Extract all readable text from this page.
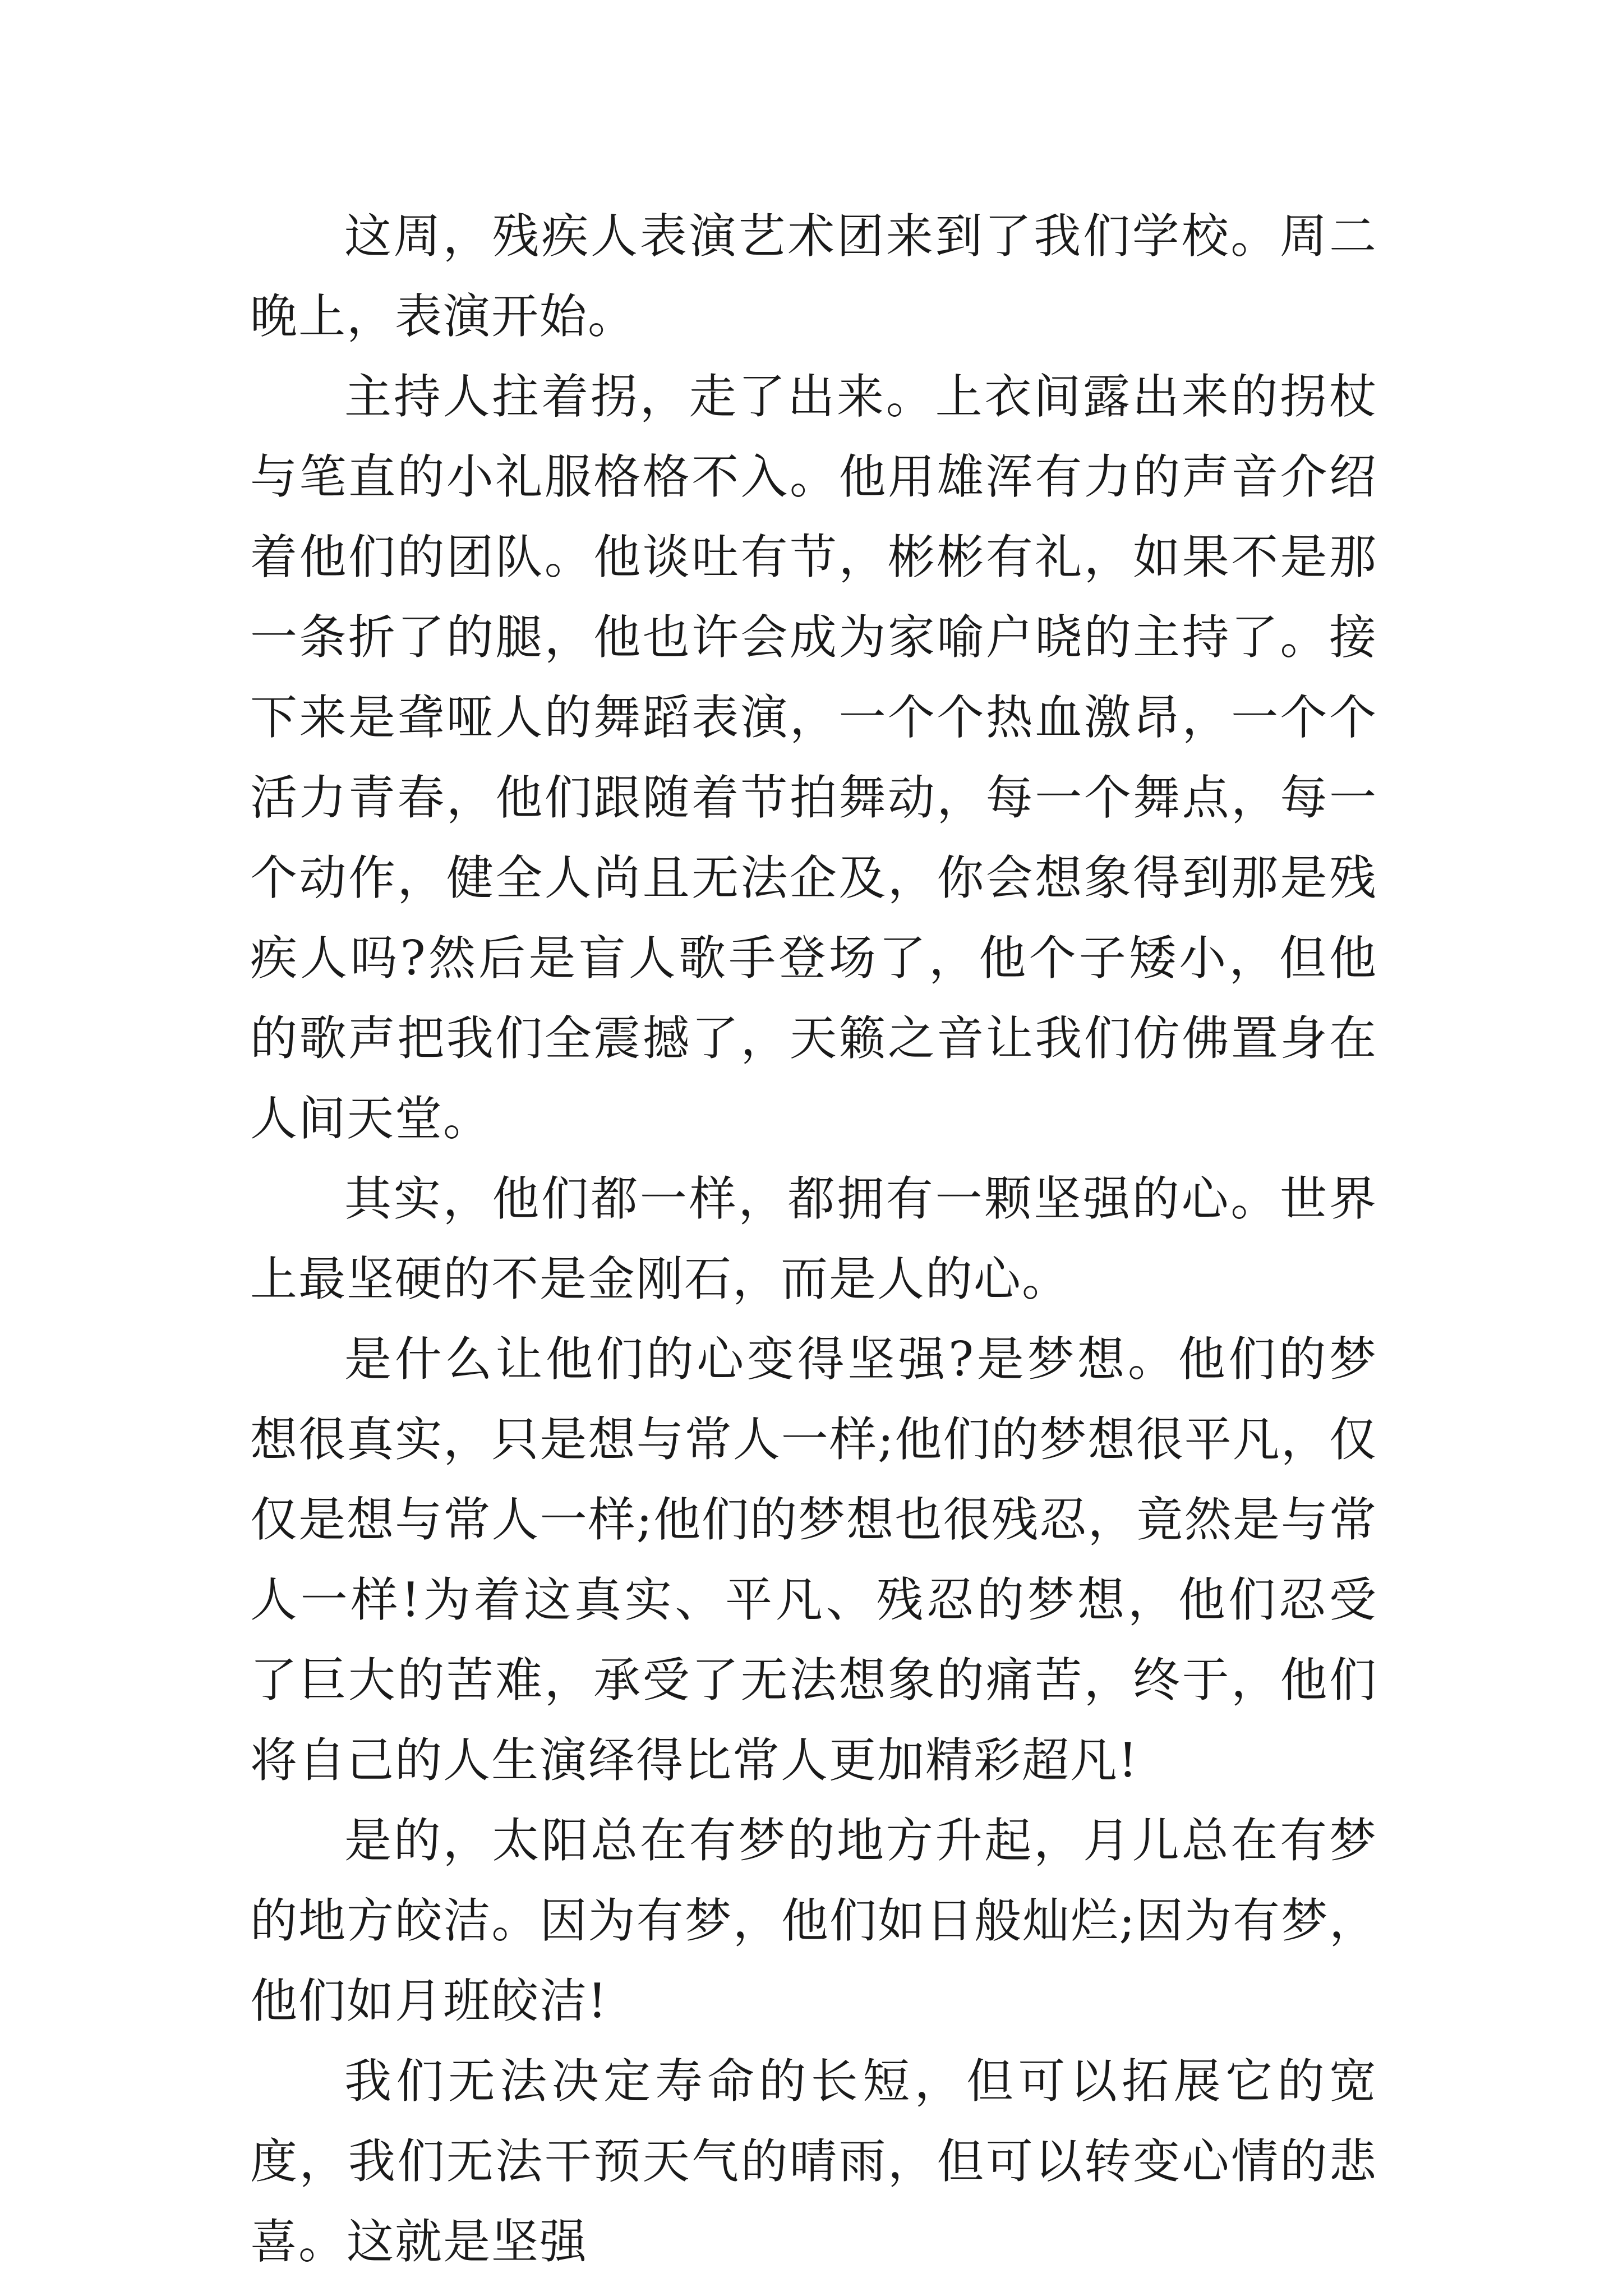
这周，残疾人表演艺术团来到了我们学校。周二晚上，表演开始。

主持人拄着拐，走了出来。上衣间露出来的拐杖与笔直的小礼服格格不入。他用雄浑有力的声音介绍着他们的团队。他谈吐有节，彬彬有礼，如果不是那一条折了的腿，他也许会成为家喻户晓的主持了。接下来是聋哑人的舞蹈表演，一个个热血激昂，一个个活力青春，他们跟随着节拍舞动，每一个舞点，每一个动作，健全人尚且无法企及，你会想象得到那是残疾人吗?然后是盲人歌手登场了，他个子矮小，但他的歌声把我们全震撼了，天籁之音让我们仿佛置身在人间天堂。

其实，他们都一样，都拥有一颗坚强的心。世界上最坚硬的不是金刚石，而是人的心。

是什么让他们的心变得坚强?是梦想。他们的梦想很真实，只是想与常人一样;他们的梦想很平凡，仅仅是想与常人一样;他们的梦想也很残忍，竟然是与常人一样!为着这真实、平凡、残忍的梦想，他们忍受了巨大的苦难，承受了无法想象的痛苦，终于，他们将自己的人生演绎得比常人更加精彩超凡!

是的，太阳总在有梦的地方升起，月儿总在有梦的地方皎洁。因为有梦，他们如日般灿烂;因为有梦，他们如月班皎洁!

我们无法决定寿命的长短，但可以拓展它的宽度，我们无法干预天气的晴雨，但可以转变心情的悲喜。这就是坚强
